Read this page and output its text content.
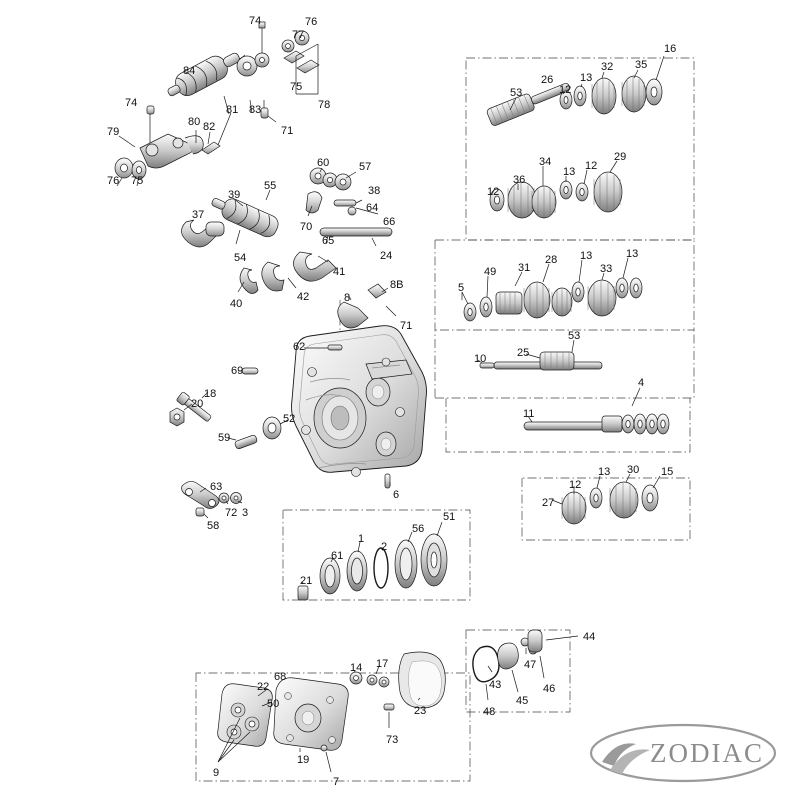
74
77
76
84
75
78
74
81 83
80 82	71
79
53
26
12
13
32 35
16
34
13 12
29
36
12
76 75
60	57
55
39	38
64
70	66
37
65
24
54
41
42
40
49 31
28 13
33
13
5
8
8B
53
71
62
10	25
69
18
4
20
11
52
59
63
13 30 15
12
3
72
27
58
6
51
56
61
1
2
21
44
68
14 17	47
22
50
43
45
46
48
23
73
19
9
7
ZODIAC
